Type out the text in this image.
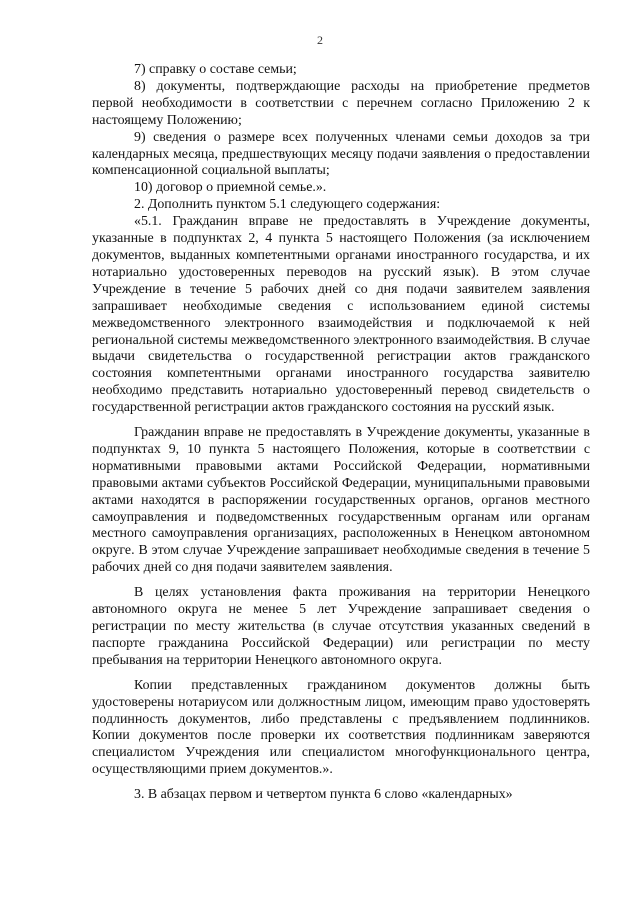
2

7) справку о составе семьи;

8) документы, подтверждающие расходы на приобретение предметов первой необходимости в соответствии с перечнем согласно Приложению 2 к настоящему Положению;

9) сведения о размере всех полученных членами семьи доходов за три календарных месяца, предшествующих месяцу подачи заявления о предоставлении компенсационной социальной выплаты;

10) договор о приемной семье.».

2. Дополнить пунктом 5.1 следующего содержания:

«5.1. Гражданин вправе не предоставлять в Учреждение документы, указанные в подпунктах 2, 4 пункта 5 настоящего Положения (за исключением документов, выданных компетентными органами иностранного государства, и их нотариально удостоверенных переводов на русский язык). В этом случае Учреждение в течение 5 рабочих дней со дня подачи заявителем заявления запрашивает необходимые сведения с использованием единой системы межведомственного электронного взаимодействия и подключаемой к ней региональной системы межведомственного электронного взаимодействия. В случае выдачи свидетельства о государственной регистрации актов гражданского состояния компетентными органами иностранного государства заявителю необходимо представить нотариально удостоверенный перевод свидетельств о государственной регистрации актов гражданского состояния на русский язык.

Гражданин вправе не предоставлять в Учреждение документы, указанные в подпунктах 9, 10 пункта 5 настоящего Положения, которые в соответствии с нормативными правовыми актами Российской Федерации, нормативными правовыми актами субъектов Российской Федерации, муниципальными правовыми актами находятся в распоряжении государственных органов, органов местного самоуправления и подведомственных государственным органам или органам местного самоуправления организациях, расположенных в Ненецком автономном округе. В этом случае Учреждение запрашивает необходимые сведения в течение 5 рабочих дней со дня подачи заявителем заявления.

В целях установления факта проживания на территории Ненецкого автономного округа не менее 5 лет Учреждение запрашивает сведения о регистрации по месту жительства (в случае отсутствия указанных сведений в паспорте гражданина Российской Федерации) или регистрации по месту пребывания на территории Ненецкого автономного округа.

Копии представленных гражданином документов должны быть удостоверены нотариусом или должностным лицом, имеющим право удостоверять подлинность документов, либо представлены с предъявлением подлинников. Копии документов после проверки их соответствия подлинникам заверяются специалистом Учреждения или специалистом многофункционального центра, осуществляющими прием документов.».

3. В абзацах первом и четвертом пункта 6 слово «календарных»
